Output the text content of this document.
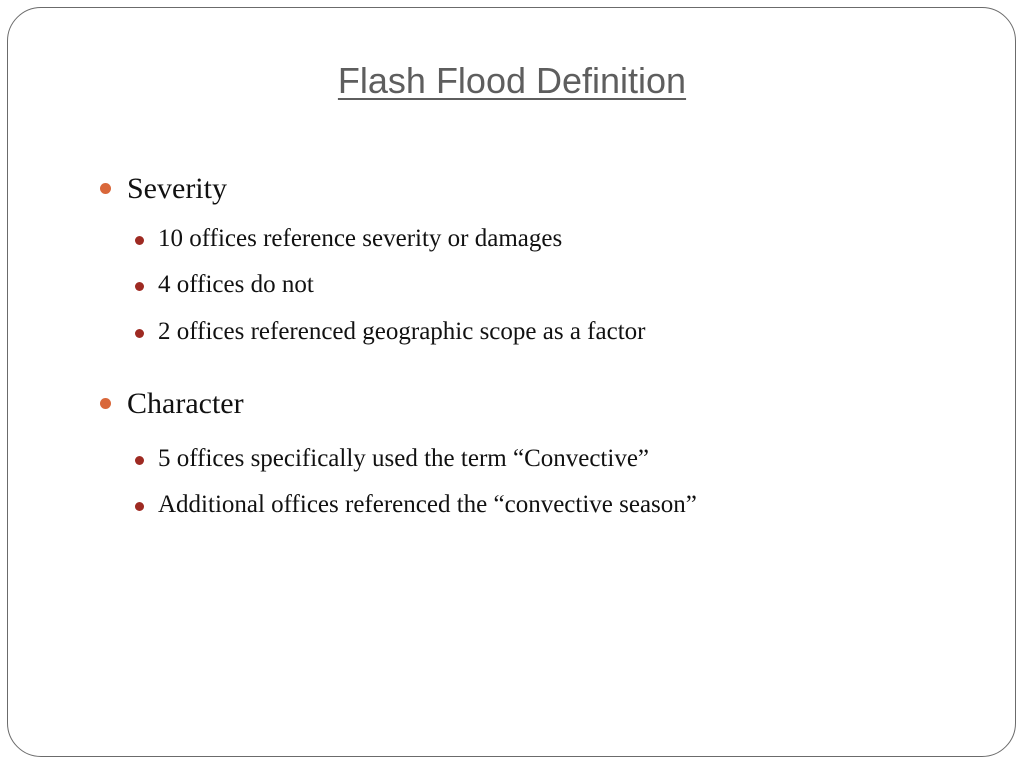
Flash Flood Definition
Severity
10 offices reference severity or damages
4 offices do not
2 offices referenced geographic scope as a factor
Character
5 offices specifically used the term “Convective”
Additional offices referenced the “convective season”
